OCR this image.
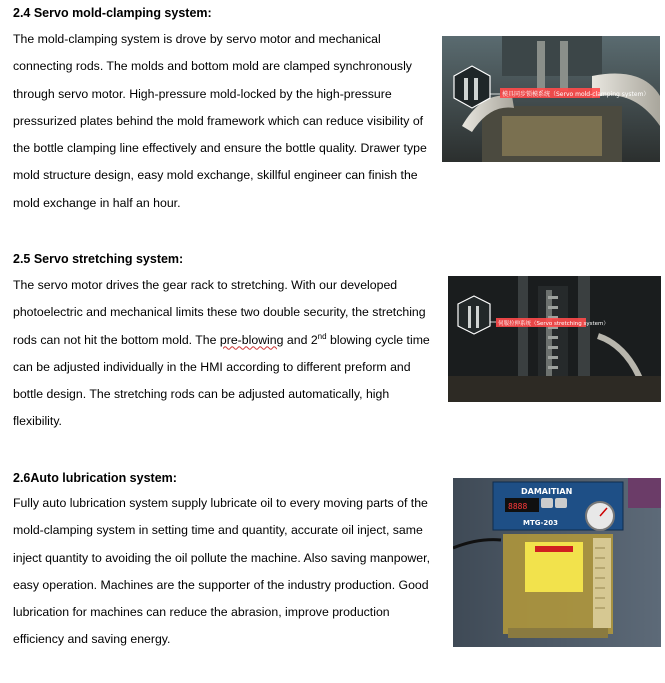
2.4 Servo mold-clamping system:
The mold-clamping system is drove by servo motor and mechanical
connecting rods. The molds and bottom mold are clamped synchronously
through servo motor. High-pressure mold-locked by the high-pressure
pressurized plates behind the mold framework which can reduce visibility of
the bottle clamping line effectively and ensure the bottle quality. Drawer type
mold structure design, easy mold exchange, skillful engineer can finish the
mold exchange in half an hour.
模具同步锁模系统（Servo mold-clamping system）
2.5 Servo stretching system:
The servo motor drives the gear rack to stretching. With our developed
photoelectric and mechanical limits these two double security, the stretching
rods can not hit the bottom mold. The pre-blowing and 2nd blowing cycle time
can be adjusted individually in the HMI according to different preform and
bottle design. The stretching rods can be adjusted automatically, high
flexibility.
伺服拉伸系统（Servo stretching system）
2.6Auto lubrication system:
Fully auto lubrication system supply lubricate oil to every moving parts of the
mold-clamping system in setting time and quantity, accurate oil inject, same
inject quantity to avoiding the oil pollute the machine. Also saving manpower,
easy operation. Machines are the supporter of the industry production. Good
lubrication for machines can reduce the abrasion, improve production
efficiency and saving energy.
DAMAITIAN
8888
MTG-203
